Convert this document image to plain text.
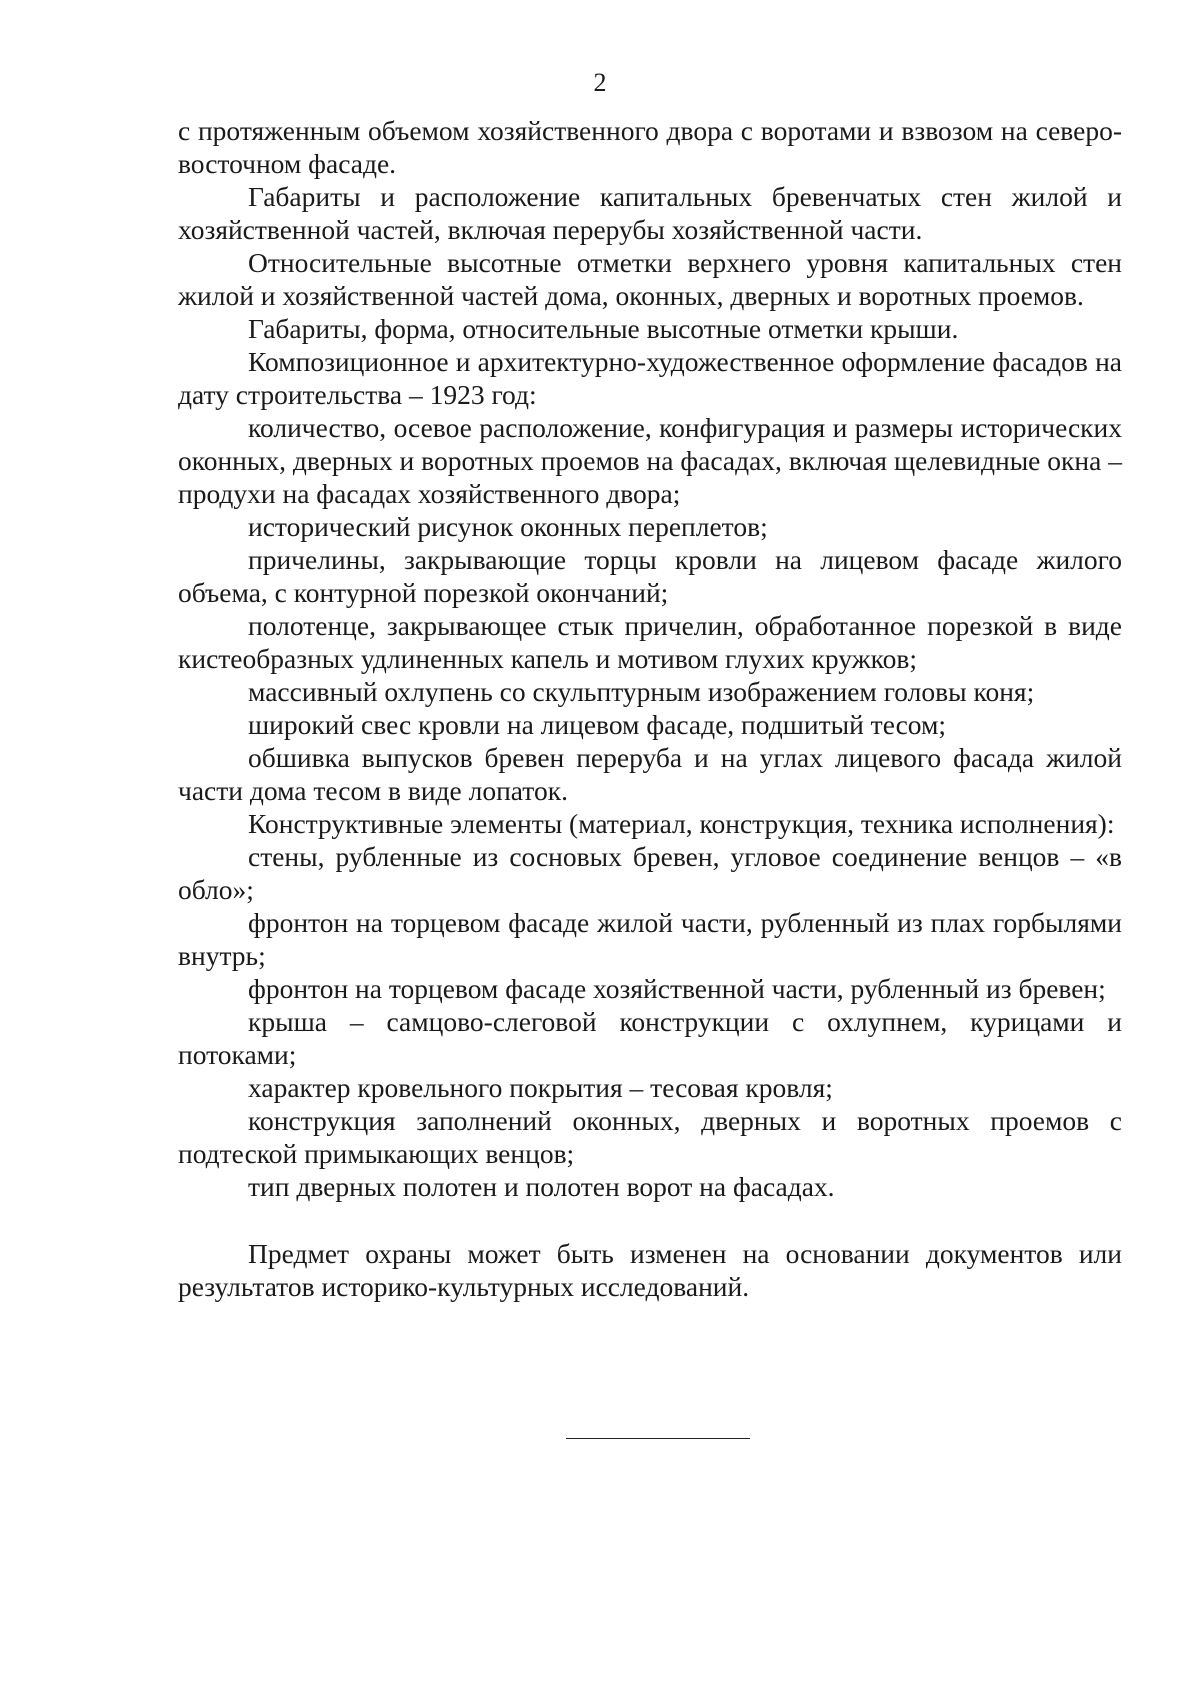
2

с протяженным объемом хозяйственного двора с воротами и взвозом на северо-восточном фасаде.

Габариты и расположение капитальных бревенчатых стен жилой и хозяйственной частей, включая перерубы хозяйственной части.

Относительные высотные отметки верхнего уровня капитальных стен жилой и хозяйственной частей дома, оконных, дверных и воротных проемов.

Габариты, форма, относительные высотные отметки крыши.

Композиционное и архитектурно-художественное оформление фасадов на дату строительства – 1923 год:

количество, осевое расположение, конфигурация и размеры исторических оконных, дверных и воротных проемов на фасадах, включая щелевидные окна – продухи на фасадах хозяйственного двора;

исторический рисунок оконных переплетов;

причелины, закрывающие торцы кровли на лицевом фасаде жилого объема, с контурной порезкой окончаний;

полотенце, закрывающее стык причелин, обработанное порезкой в виде кистеобразных удлиненных капель и мотивом глухих кружков;

массивный охлупень со скульптурным изображением головы коня;

широкий свес кровли на лицевом фасаде, подшитый тесом;

обшивка выпусков бревен переруба и на углах лицевого фасада жилой части дома тесом в виде лопаток.

Конструктивные элементы (материал, конструкция, техника исполнения):

стены, рубленные из сосновых бревен, угловое соединение венцов – «в обло»;

фронтон на торцевом фасаде жилой части, рубленный из плах горбылями внутрь;

фронтон на торцевом фасаде хозяйственной части, рубленный из бревен;

крыша – самцово-слеговой конструкции с охлупнем, курицами и потоками;

характер кровельного покрытия – тесовая кровля;

конструкция заполнений оконных, дверных и воротных проемов с подтеской примыкающих венцов;

тип дверных полотен и полотен ворот на фасадах.

Предмет охраны может быть изменен на основании документов или результатов историко-культурных исследований.
